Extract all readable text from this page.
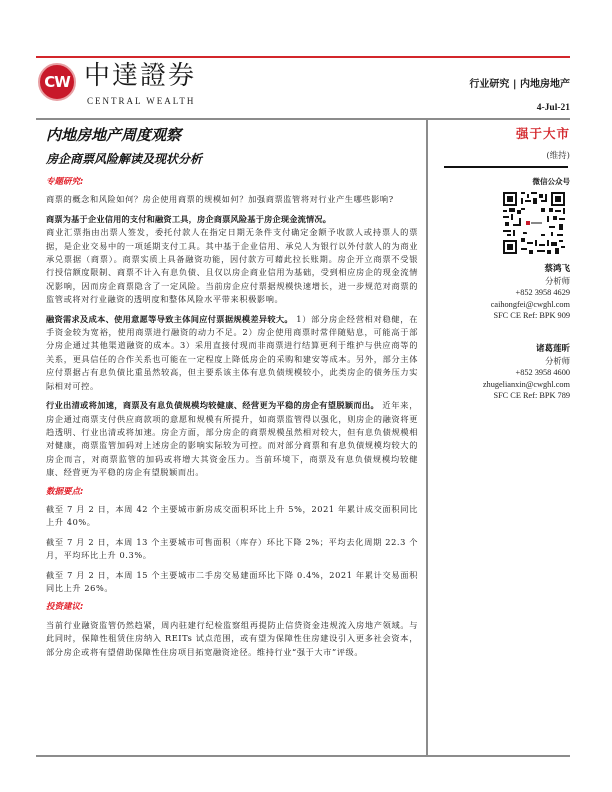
CW 中達證券
CENTRAL WEALTH
行业研究 | 内地房地产
4-Jul-21
内地房地产周度观察
房企商票风险解读及现状分析
专题研究:

商票的概念和风险如何？房企使用商票的规模如何？加强商票监管将对行业产生哪些影响?

商票为基于企业信用的支付和融资工具，房企商票风险基于房企现金流情况。
商业汇票指由出票人签发，委托付款人在指定日期无条件支付确定金额予收款人或持票人的票据，是企业交易中的一项延期支付工具。其中基于企业信用、承兑人为银行以外付款人的为商业承兑票据（商票）。商票实质上具备融资功能，因付款方可藉此拉长账期。房企开立商票不受银行授信额度限制、商票不计入有息负债、且仅以房企商业信用为基础，受到相应房企的现金流情况影响，因而房企商票隐含了一定风险。当前房企应付票据规模快速增长，进一步规范对商票的监管或将对行业融资的透明度和整体风险水平带来积极影响。

融资需求及成本、使用意愿等导致主体间应付票据规模差异较大。 1）部分房企经营相对稳健，在手资金较为宽裕，使用商票进行融资的动力不足。2）房企使用商票时常伴随贴息，可能高于部分房企通过其他渠道融资的成本。3）采用直接付现而非商票进行结算更利于维护与供应商等的关系，更具信任的合作关系也可能在一定程度上降低房企的采购和建安等成本。另外，部分主体应付票据占有息负债比重虽然较高，但主要系该主体有息负债规模较小，此类房企的债务压力实际相对可控。

行业出清或将加速，商票及有息负债规模均较健康、经营更为平稳的房企有望脱颖而出。 近年来，房企通过商票支付供应商款项的意愿和规模有所提升，如商票监管得以强化，则房企的融资将更趋透明、行业出清或将加速。房企方面，部分房企的商票规模虽然相对较大，但有息负债规模相对健康，商票监管加码对上述房企的影响实际较为可控。而对部分商票和有息负债规模均较大的房企而言，对商票监管的加码或将增大其资金压力。当前环境下，商票及有息负债规模均较健康、经营更为平稳的房企有望脱颖而出。

数据要点:

截至 7 月 2 日，本周 42 个主要城市新房成交面积环比上升 5%，2021 年累计成交面积同比上升 40%。

截至 7 月 2 日，本周 13 个主要城市可售面积（库存）环比下降 2%；平均去化周期 22.3 个月，平均环比上升 0.3%。

截至 7 月 2 日，本周 15 个主要城市二手房交易建面环比下降 0.4%，2021 年累计交易面积同比上升 26%。

投资建议:

当前行业融资监管仍然趋紧，周内驻建行纪检监察组再提防止信贷资金违规流入房地产领域。与此同时，保障性租赁住房纳入 REITs 试点范围，或有望为保障性住房建设引入更多社会资本，部分房企或将有望借助保障性住房项目拓宽融资途径。维持行业“强于大市”评级。

强于大市
(维持)
微信公众号
蔡鸿飞
分析师
+852 3958 4629
caihongfei@cwghl.com
SFC CE Ref: BPK 909
诸葛莲昕
分析师
+852 3958 4600
zhugelianxin@cwghl.com
SFC CE Ref: BPK 789
